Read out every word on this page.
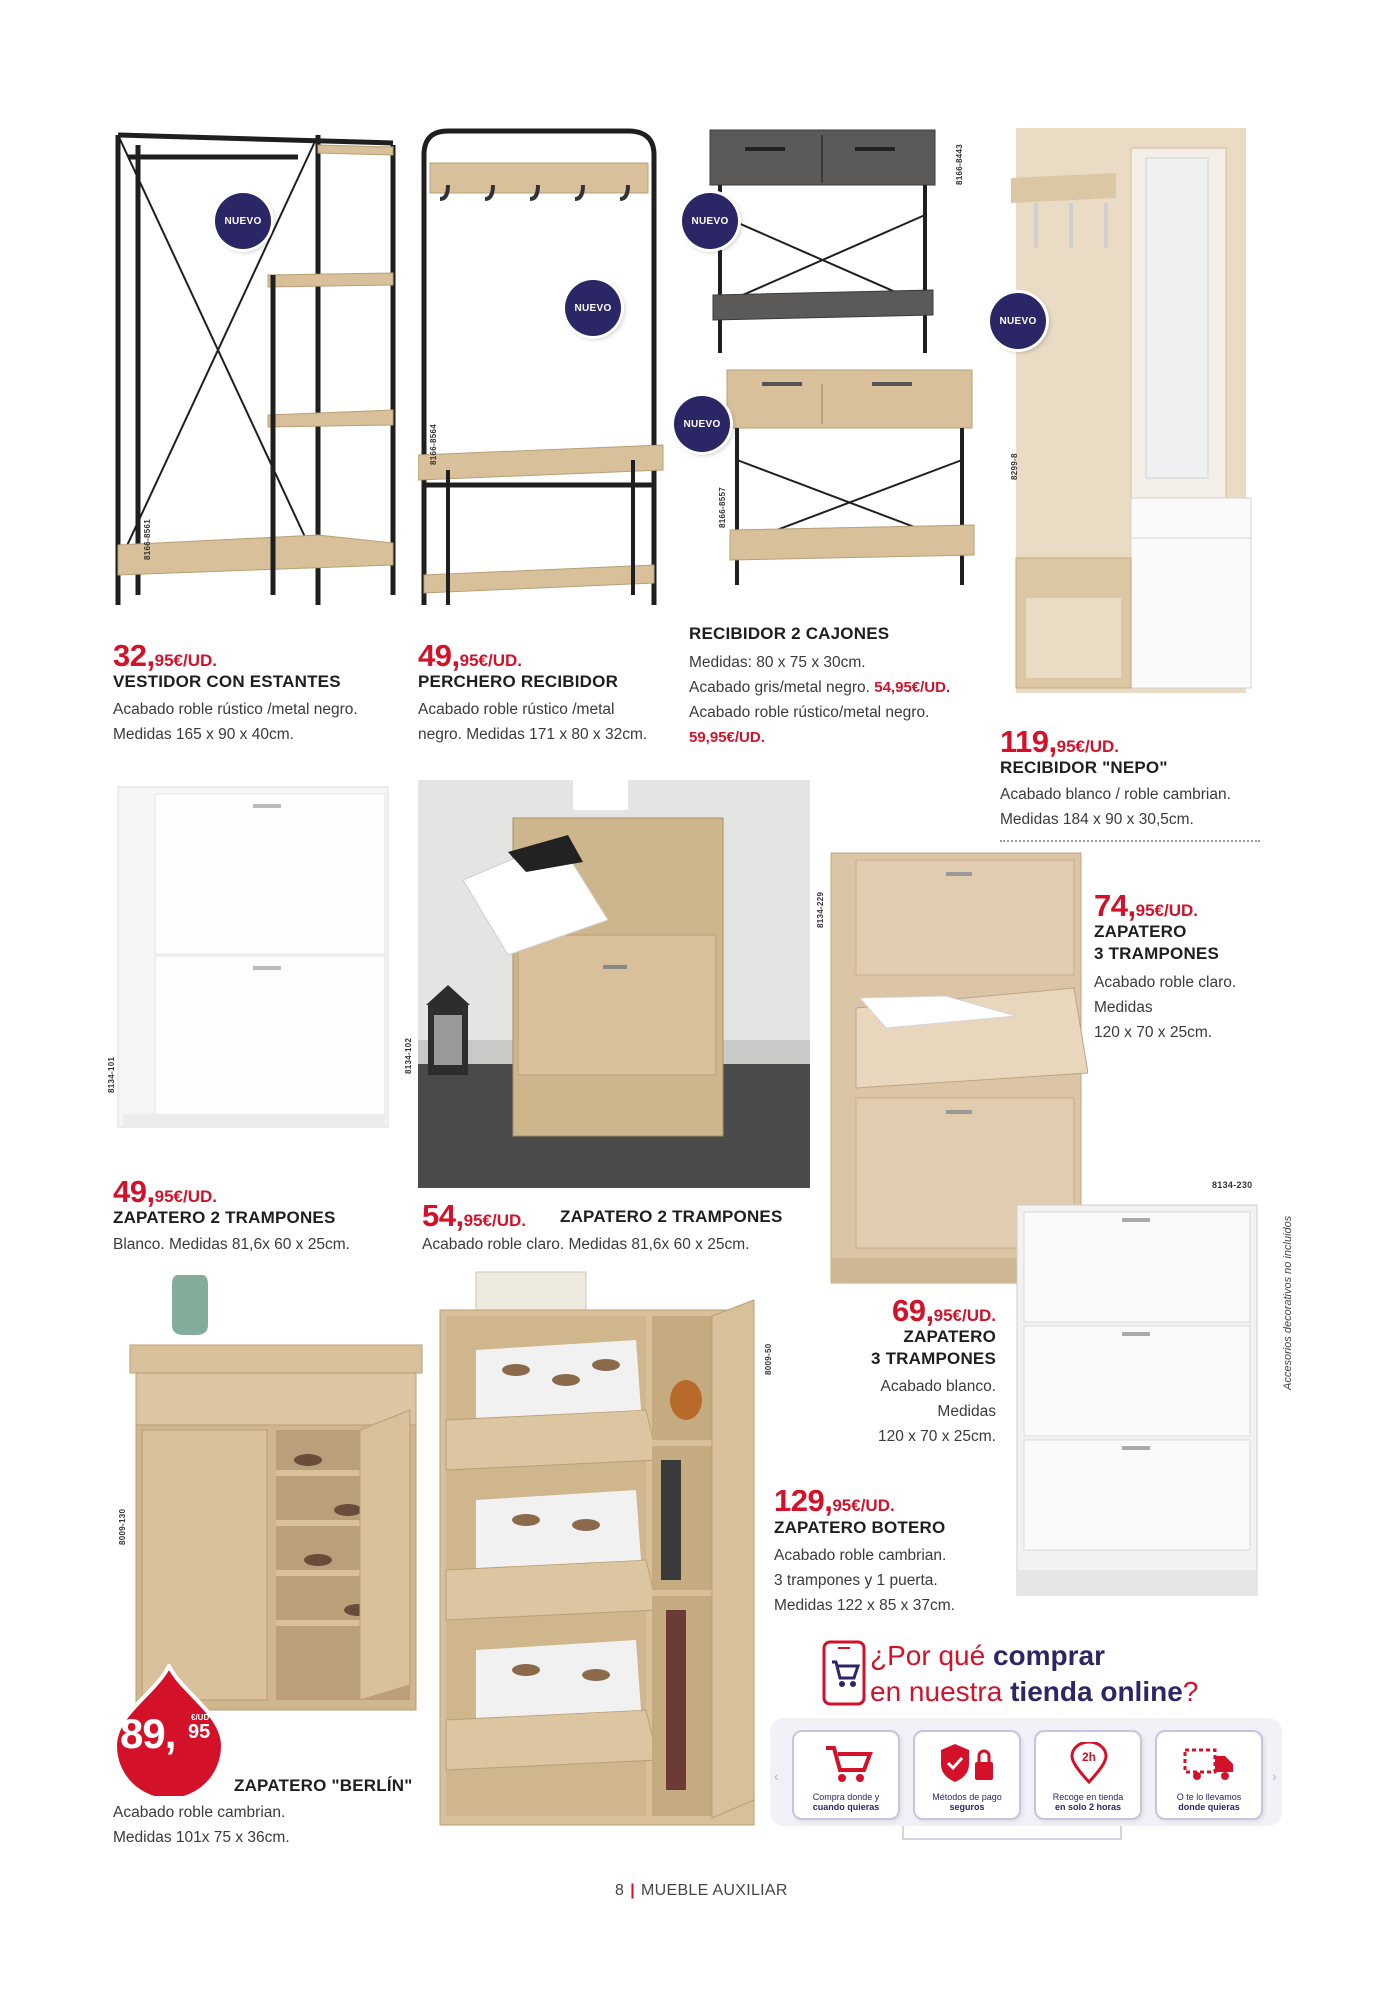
8166-8561
NUEVO
32,95€/UD.
VESTIDOR CON ESTANTES
Acabado roble rústico /metal negro.
Medidas 165 x 90 x 40cm.
8166-8564
NUEVO
49,95€/UD.
PERCHERO RECIBIDOR
Acabado roble rústico /metal
negro. Medidas 171 x 80 x 32cm.
8166-8443
NUEVO
8166-8557
NUEVO
RECIBIDOR 2 CAJONES
Medidas: 80 x 75 x 30cm.
Acabado gris/metal negro. 54,95€/UD.
Acabado roble rústico/metal negro.
59,95€/UD.
8299-8
NUEVO
119,95€/UD.
RECIBIDOR "NEPO"
Acabado blanco / roble cambrian.
Medidas 184 x 90 x 30,5cm.
8134-101
49,95€/UD.
ZAPATERO 2 TRAMPONES
Blanco. Medidas 81,6x 60 x 25cm.
8134-102
54,95€/UD. ZAPATERO 2 TRAMPONES
Acabado roble claro. Medidas 81,6x 60 x 25cm.
8134-229	74,95€/UD.
ZAPATERO
3 TRAMPONES
Acabado roble claro.
Medidas
120 x 70 x 25cm.
8134-230
69,95€/UD.
ZAPATERO
3 TRAMPONES
Acabado blanco.
Medidas
120 x 70 x 25cm.
Accesorios decorativos no incluidos
8009-130
89, €/UD
95
ZAPATERO "BERLÍN"
Acabado roble cambrian.
Medidas 101x 75 x 36cm.
8009-50
129,95€/UD.
ZAPATERO BOTERO
Acabado roble cambrian.
3 trampones y 1 puerta.
Medidas 122 x 85 x 37cm.
¿Por qué comprar
en nuestra tienda online?
‹	›
Compra donde y
cuando quieras
Métodos de pago
seguros
2h
Recoge en tienda
en solo 2 horas
O te lo llevamos
donde quieras
8 | MUEBLE AUXILIAR
